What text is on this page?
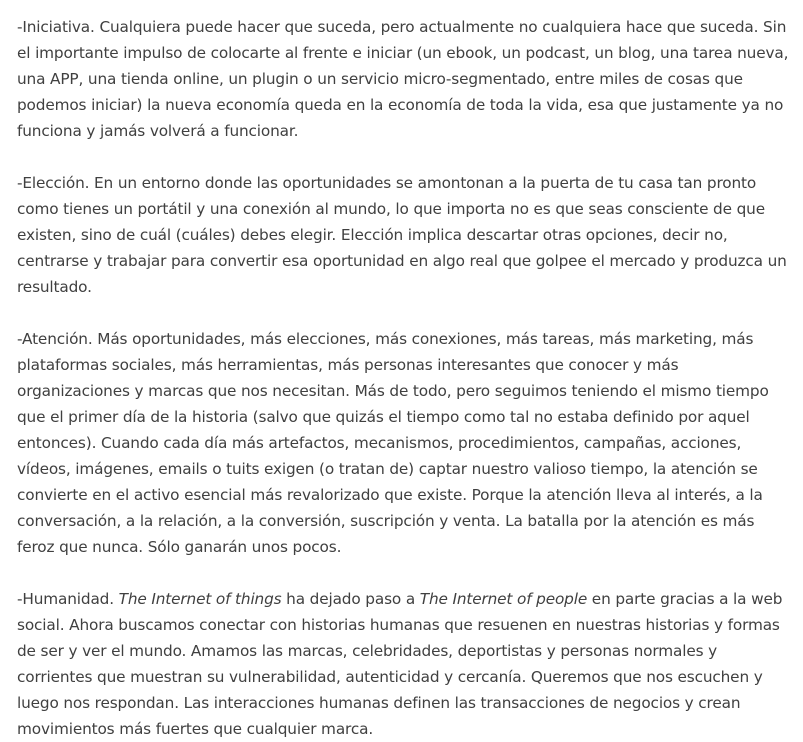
-Iniciativa. Cualquiera puede hacer que suceda, pero actualmente no cualquiera hace que suceda. Sin el importante impulso de colocarte al frente e iniciar (un ebook, un podcast, un blog, una tarea nueva, una APP, una tienda online, un plugin o un servicio micro-segmentado, entre miles de cosas que podemos iniciar) la nueva economía queda en la economía de toda la vida, esa que justamente ya no funciona y jamás volverá a funcionar.

-Elección. En un entorno donde las oportunidades se amontonan a la puerta de tu casa tan pronto como tienes un portátil y una conexión al mundo, lo que importa no es que seas consciente de que existen, sino de cuál (cuáles) debes elegir. Elección implica descartar otras opciones, decir no, centrarse y trabajar para convertir esa oportunidad en algo real que golpee el mercado y produzca un resultado.

-Atención. Más oportunidades, más elecciones, más conexiones, más tareas, más marketing, más plataformas sociales, más herramientas, más personas interesantes que conocer y más organizaciones y marcas que nos necesitan. Más de todo, pero seguimos teniendo el mismo tiempo que el primer día de la historia (salvo que quizás el tiempo como tal no estaba definido por aquel entonces). Cuando cada día más artefactos, mecanismos, procedimientos, campañas, acciones, vídeos, imágenes, emails o tuits exigen (o tratan de) captar nuestro valioso tiempo, la atención se convierte en el activo esencial más revalorizado que existe. Porque la atención lleva al interés, a la conversación, a la relación, a la conversión, suscripción y venta. La batalla por la atención es más feroz que nunca. Sólo ganarán unos pocos.

-Humanidad. The Internet of things ha dejado paso a The Internet of people en parte gracias a la web social. Ahora buscamos conectar con historias humanas que resuenen en nuestras historias y formas de ser y ver el mundo. Amamos las marcas, celebridades, deportistas y personas normales y corrientes que muestran su vulnerabilidad, autenticidad y cercanía. Queremos que nos escuchen y luego nos respondan. Las interacciones humanas definen las transacciones de negocios y crean movimientos más fuertes que cualquier marca.
